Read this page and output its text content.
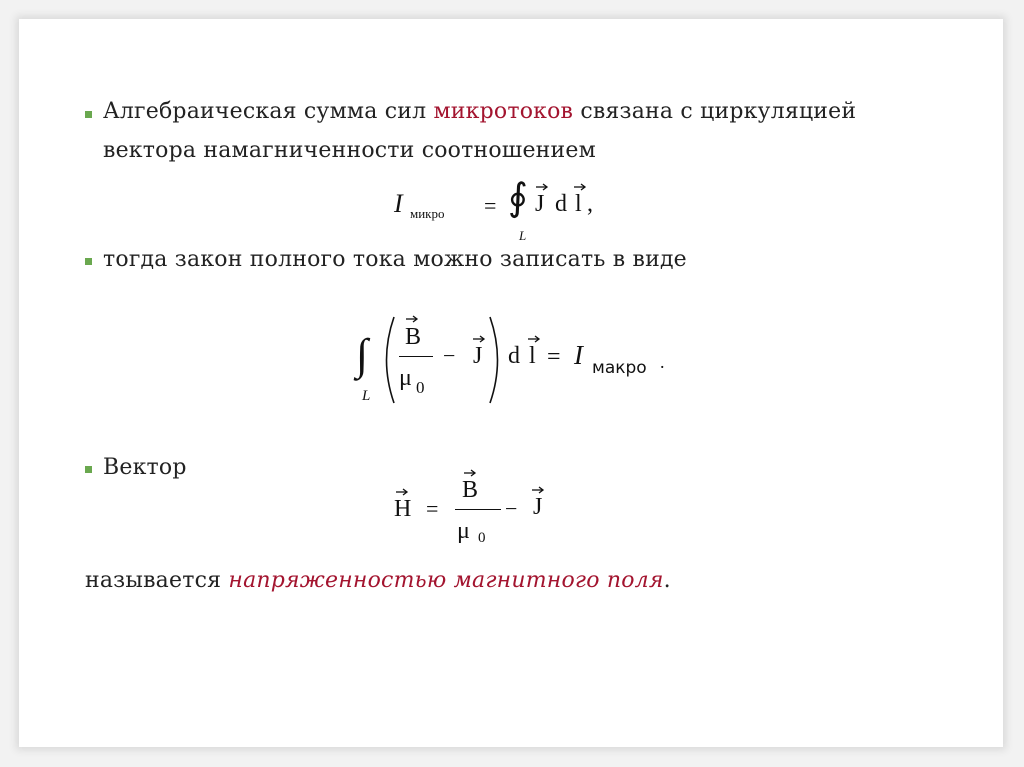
Алгебраическая сумма сил микротоков связана с циркуляцией
вектора намагниченности соотношением
I микро = ∮
L
J d l ,
тогда закон полного тока можно записать в виде
∫
L
B
μ 0
− J d l = I макро .
Вектор
H =
B
μ 0
− J
называется напряженностью магнитного поля.
